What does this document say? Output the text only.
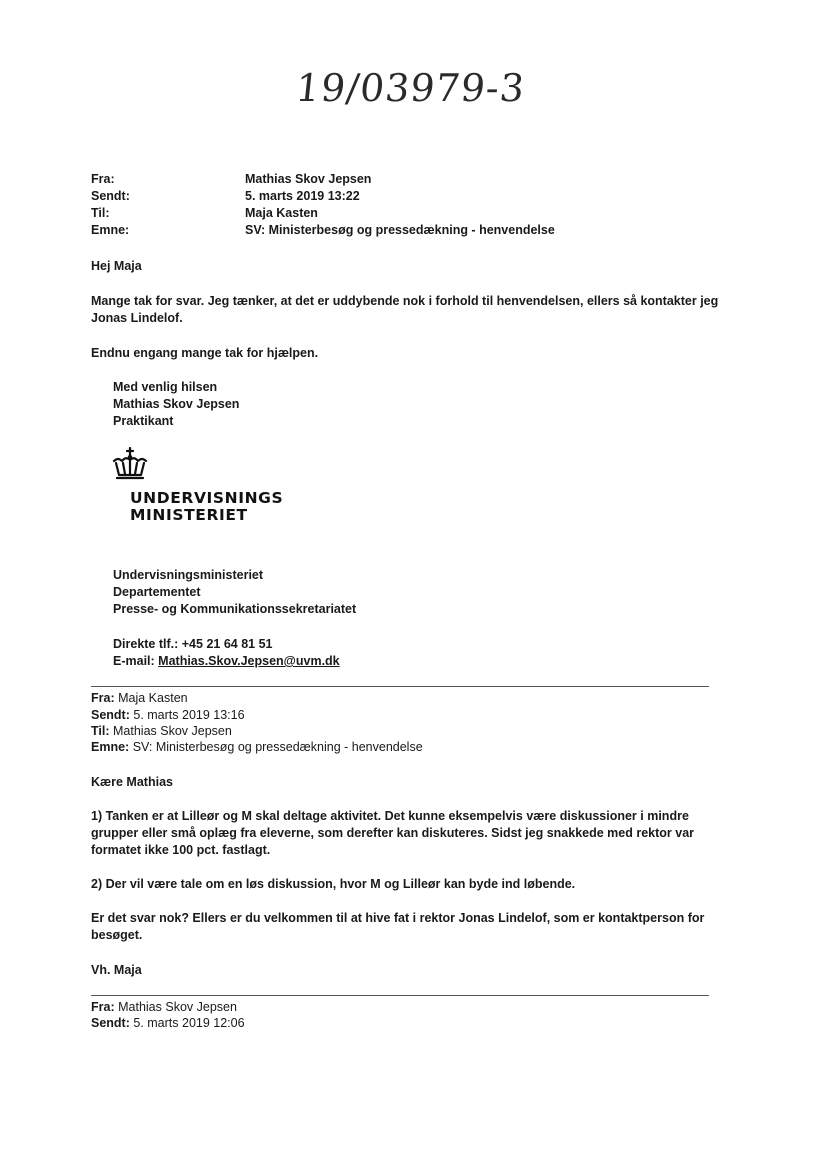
19/03979-3
Fra:	Mathias Skov Jepsen
Sendt:	5. marts 2019 13:22
Til:	Maja Kasten
Emne:	SV: Ministerbesøg og pressedækning - henvendelse

Hej Maja

Mange tak for svar. Jeg tænker, at det er uddybende nok i forhold til henvendelsen, ellers så kontakter jeg

Jonas Lindelof.

Endnu engang mange tak for hjælpen.

Med venlig hilsen

Mathias Skov Jepsen

Praktikant

UNDERVISNINGS
MINISTERIET

Undervisningsministeriet

Departementet

Presse- og Kommunikationssekretariatet

Direkte tlf.: +45 21 64 81 51

E-mail: Mathias.Skov.Jepsen@uvm.dk

Fra: Maja Kasten
Sendt: 5. marts 2019 13:16
Til: Mathias Skov Jepsen
Emne: SV: Ministerbesøg og pressedækning - henvendelse

Kære Mathias

1) Tanken er at Lilleør og M skal deltage aktivitet. Det kunne eksempelvis være diskussioner i mindre

grupper eller små oplæg fra eleverne, som derefter kan diskuteres. Sidst jeg snakkede med rektor var

formatet ikke 100 pct. fastlagt.

2) Der vil være tale om en løs diskussion, hvor M og Lilleør kan byde ind løbende.

Er det svar nok? Ellers er du velkommen til at hive fat i rektor Jonas Lindelof, som er kontaktperson for

besøget.

Vh. Maja

Fra: Mathias Skov Jepsen
Sendt: 5. marts 2019 12:06
